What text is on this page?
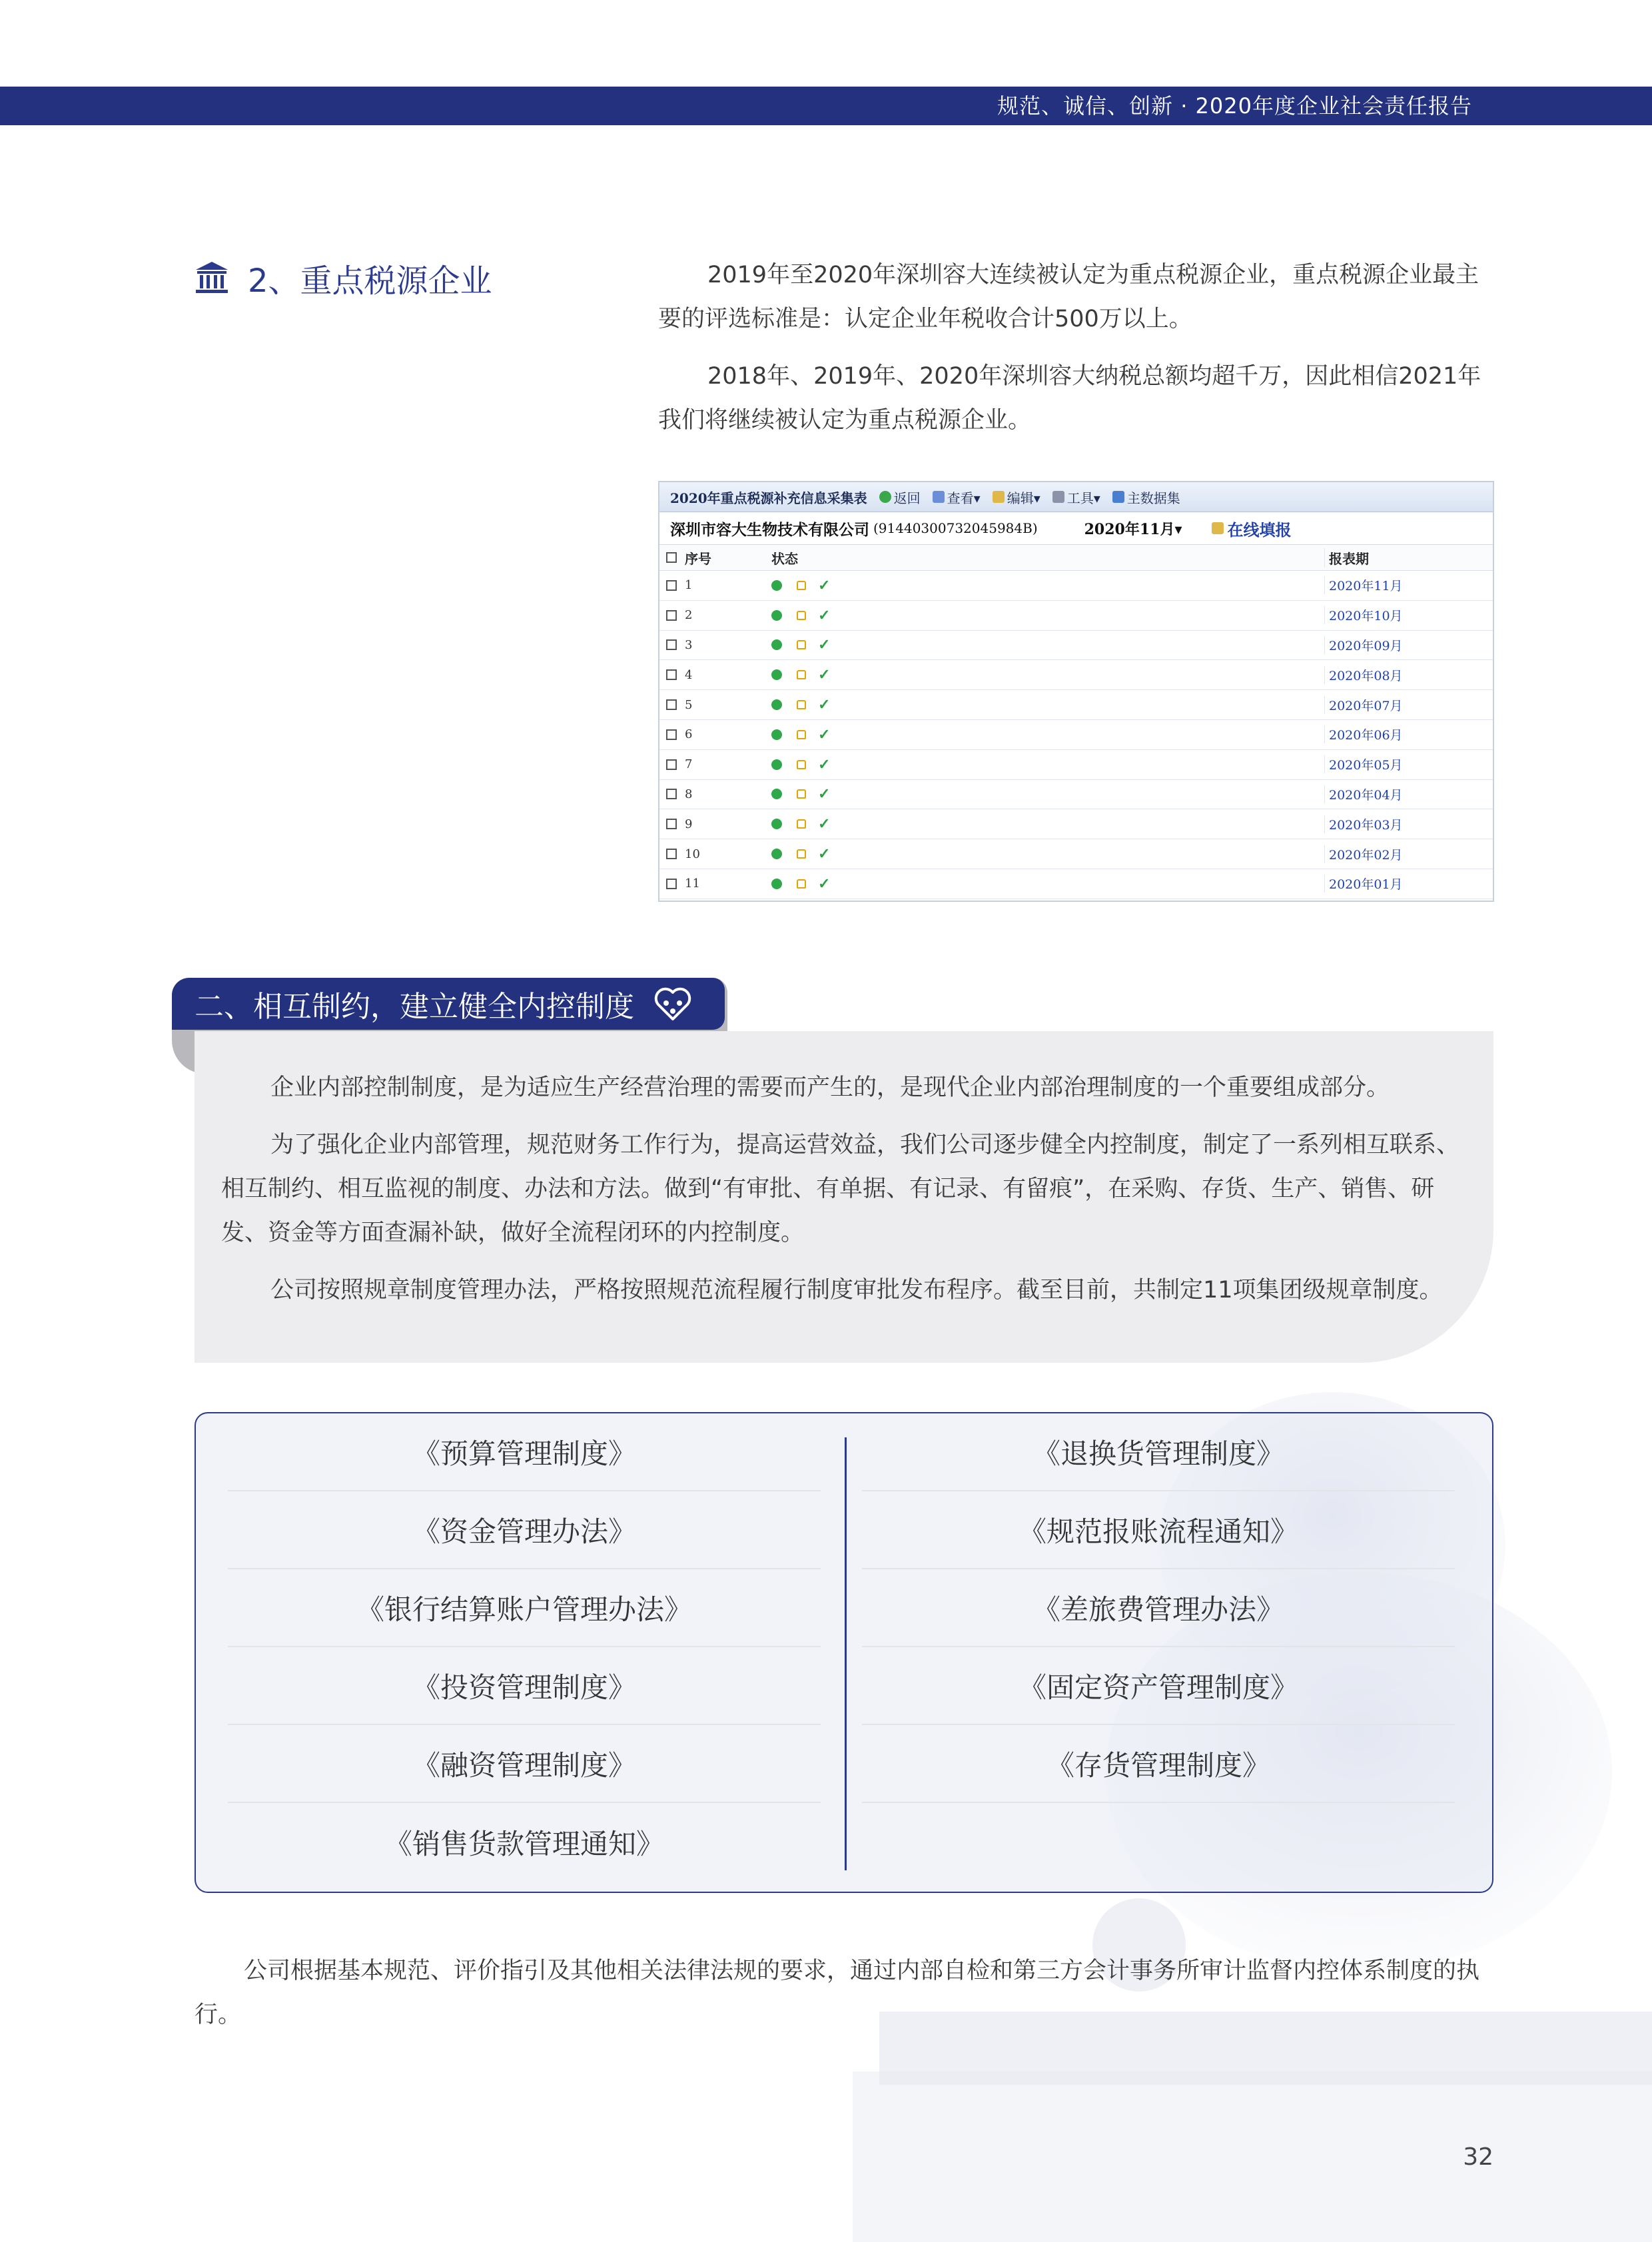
规范、诚信、创新 · 2020年度企业社会责任报告
2、重点税源企业	2019年至2020年深圳容大连续被认定为重点税源企业，重点税源企业最主要的评选标准是：认定企业年税收合计500万以上。

2018年、2019年、2020年深圳容大纳税总额均超千万，因此相信2021年我们将继续被认定为重点税源企业。

2020年重点税源补充信息采集表 返回 查看▾ 编辑▾ 工具▾ 主数据集
深圳市容大生物技术有限公司 (91440300732045984B)	2020年11月▾	在线填报
序号	状态	报表期
1	✓	2020年11月
2	✓	2020年10月
3	✓	2020年09月
4	✓	2020年08月
5	✓	2020年07月
6	✓	2020年06月
7	✓	2020年05月
8	✓	2020年04月
9	✓	2020年03月
10	✓	2020年02月
11	✓	2020年01月
二、相互制约，建立健全内控制度

企业内部控制制度，是为适应生产经营治理的需要而产生的，是现代企业内部治理制度的一个重要组成部分。

为了强化企业内部管理，规范财务工作行为，提高运营效益，我们公司逐步健全内控制度，制定了一系列相互联系、相互制约、相互监视的制度、办法和方法。做到“有审批、有单据、有记录、有留痕”，在采购、存货、生产、销售、研发、资金等方面查漏补缺，做好全流程闭环的内控制度。

公司按照规章制度管理办法，严格按照规范流程履行制度审批发布程序。截至目前，共制定11项集团级规章制度。

《预算管理制度》
《资金管理办法》
《银行结算账户管理办法》
《投资管理制度》
《融资管理制度》
《销售货款管理通知》
《退换货管理制度》
《规范报账流程通知》
《差旅费管理办法》
《固定资产管理制度》
《存货管理制度》
公司根据基本规范、评价指引及其他相关法律法规的要求，通过内部自检和第三方会计事务所审计监督内控体系制度的执行。
32
